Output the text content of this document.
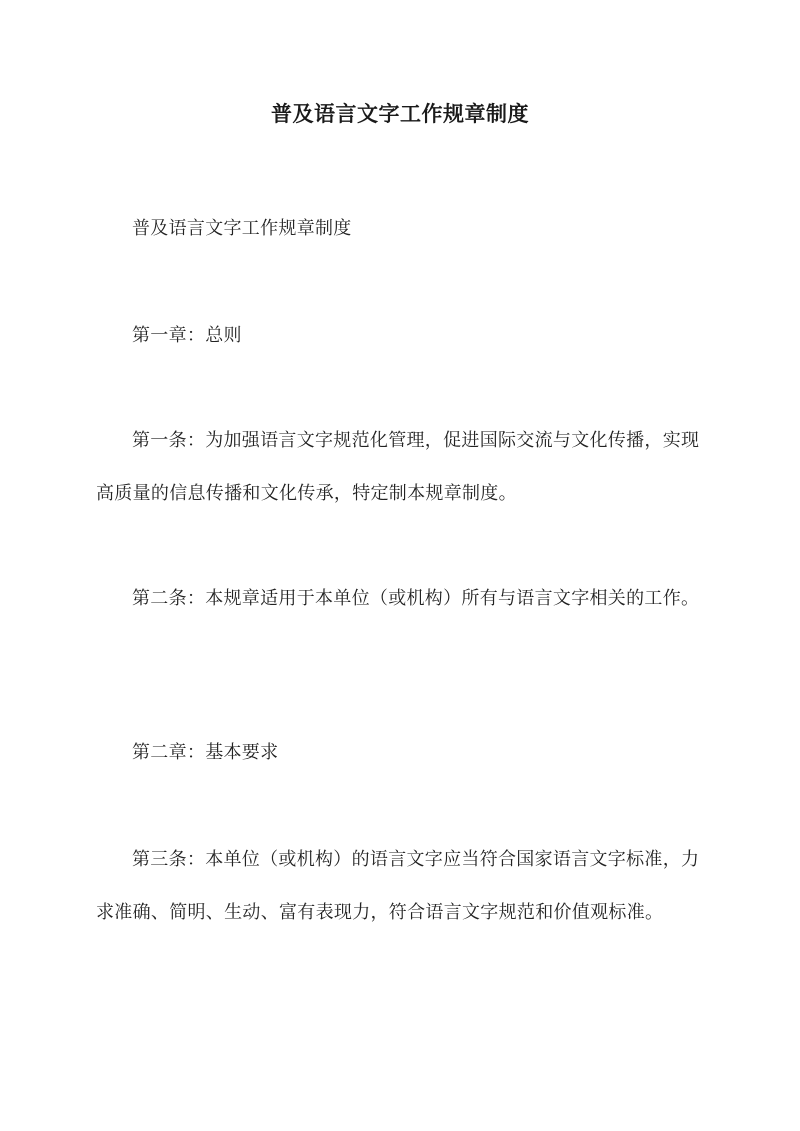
普及语言文字工作规章制度

普及语言文字工作规章制度

第一章：总则

第一条：为加强语言文字规范化管理，促进国际交流与文化传播，实现高质量的信息传播和文化传承，特定制本规章制度。

第二条：本规章适用于本单位（或机构）所有与语言文字相关的工作。

第二章：基本要求

第三条：本单位（或机构）的语言文字应当符合国家语言文字标准，力求准确、简明、生动、富有表现力，符合语言文字规范和价值观标准。
